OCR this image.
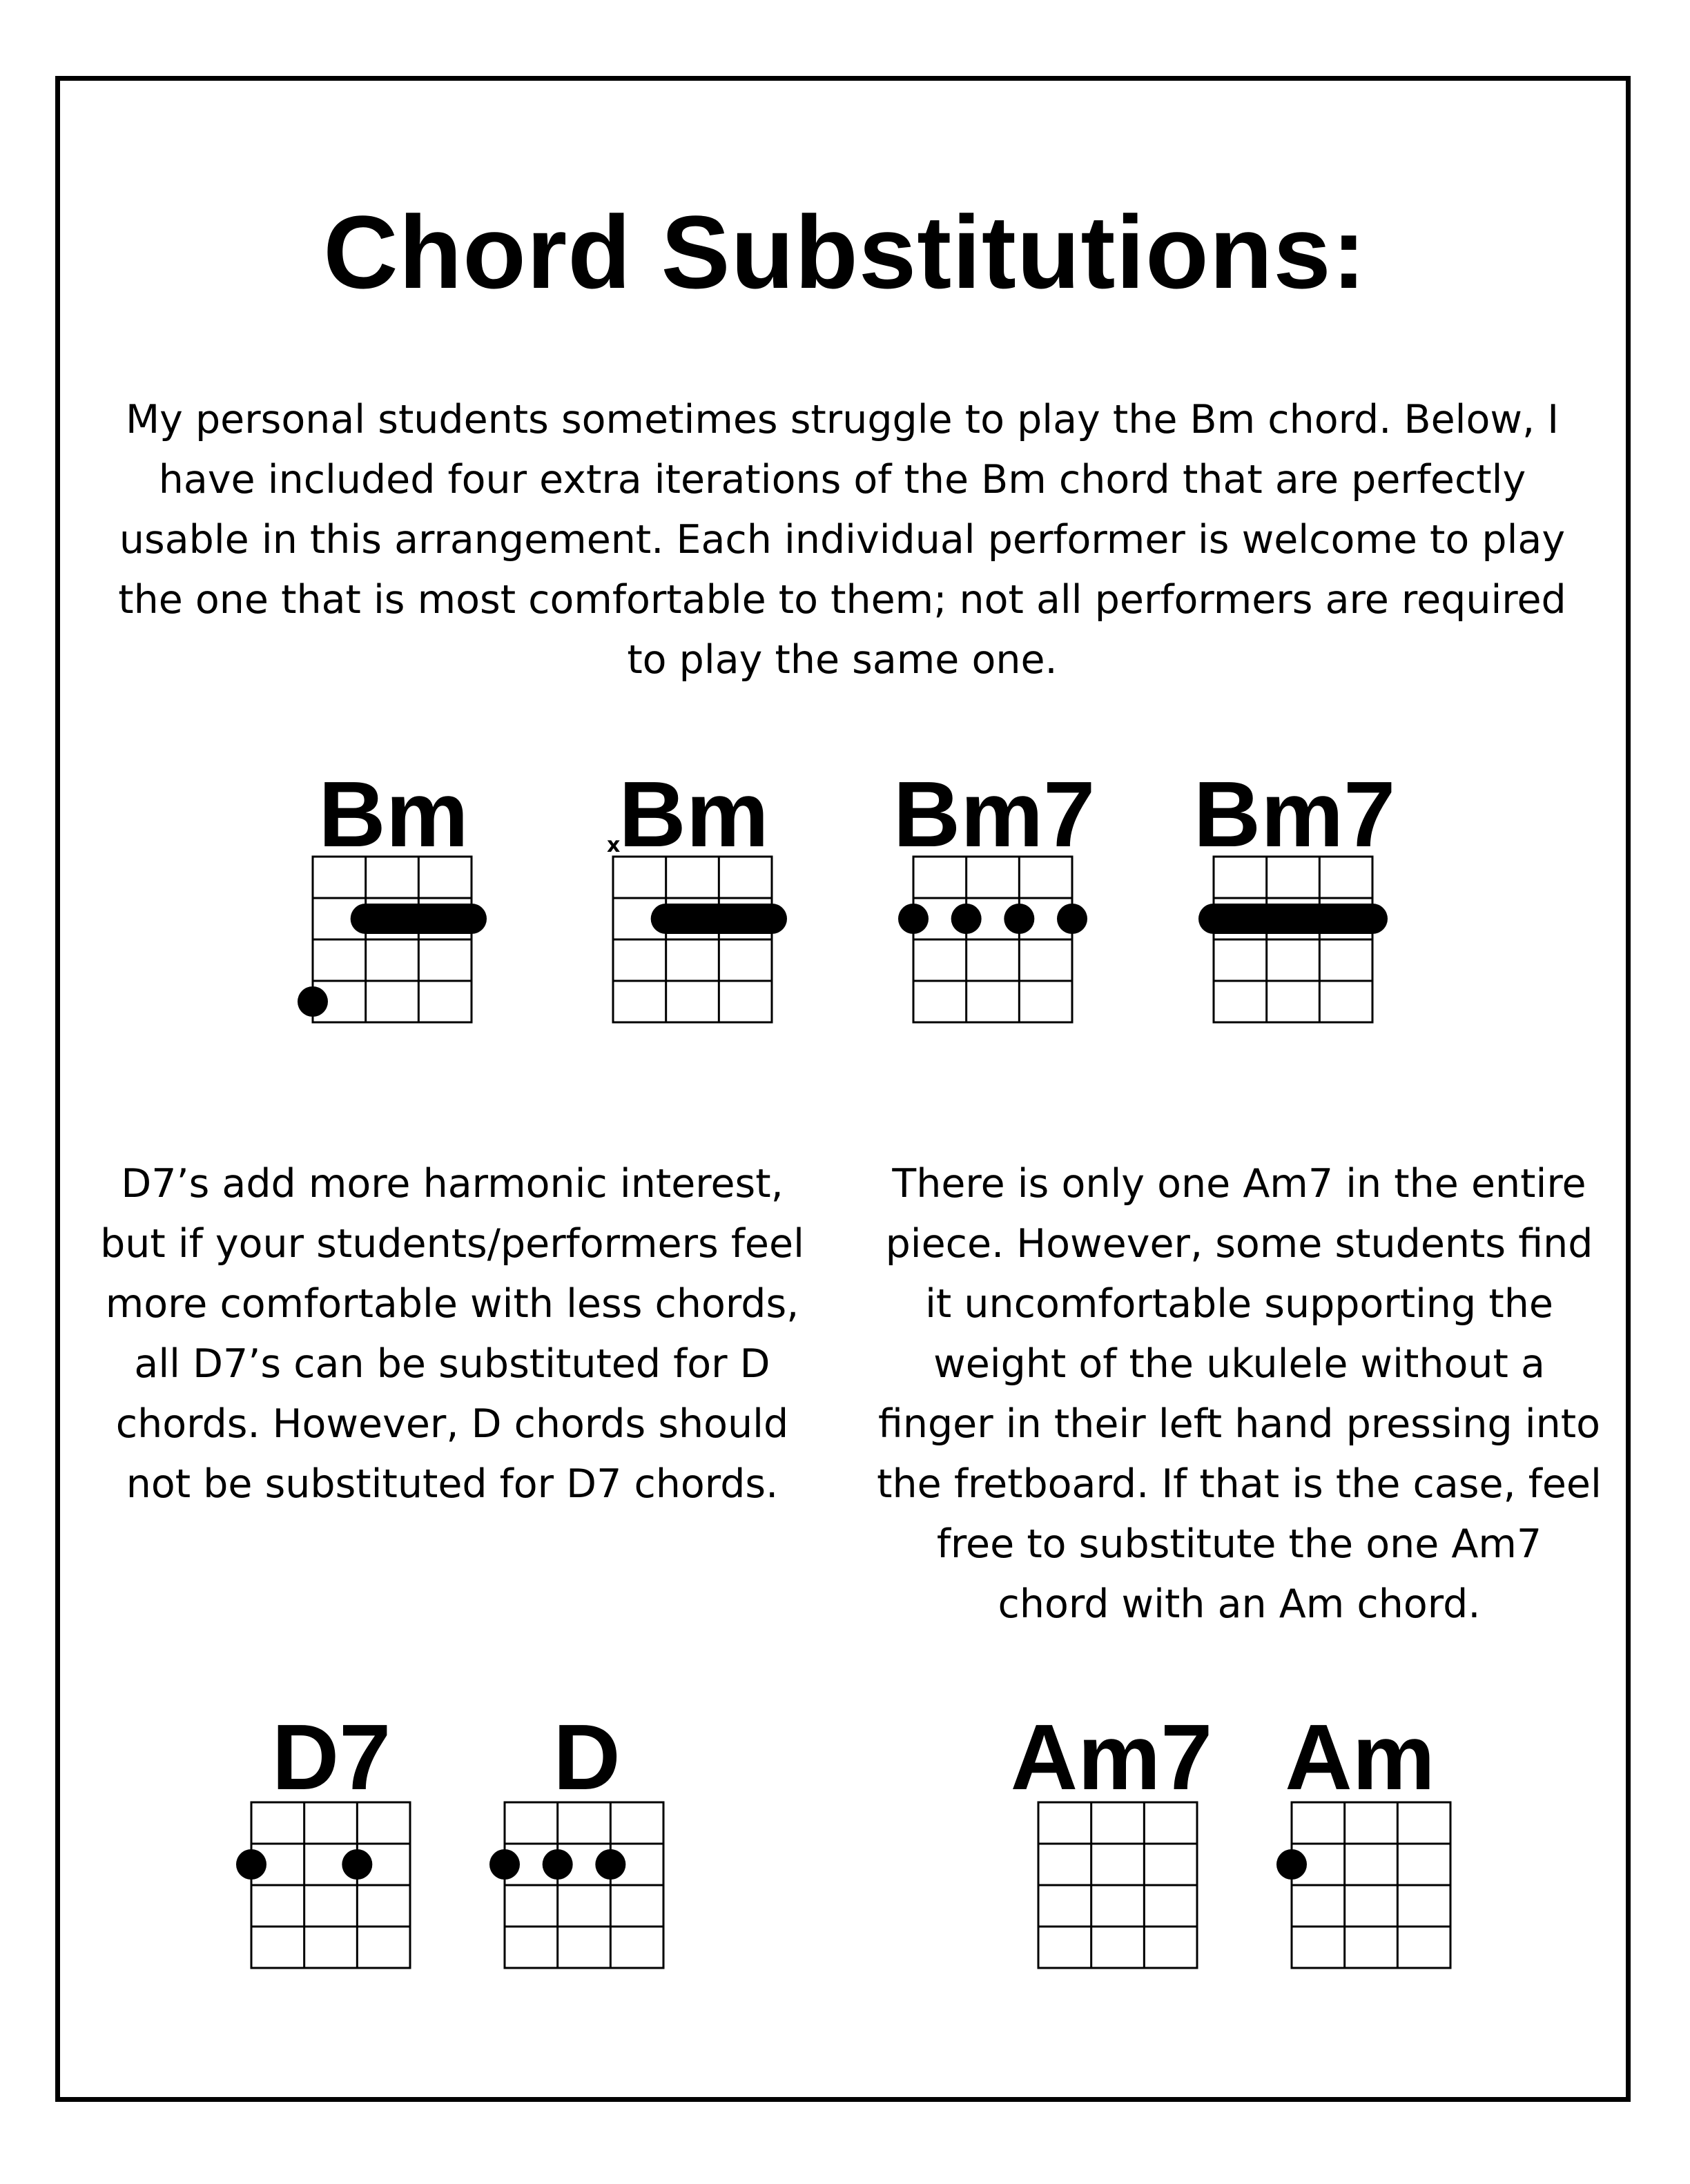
Chord Substitutions:

My personal students sometimes struggle to play the Bm chord. Below, I have included four extra iterations of the Bm chord that are perfectly usable in this arrangement. Each individual performer is welcome to play the one that is most comfortable to them; not all performers are required to play the same one.

Bm	Bm	Bm7 Bm7
x

D7’s add more harmonic interest, but if your students/performers feel more comfortable with less chords, all D7’s can be substituted for D chords. However, D chords should not be substituted for D7 chords.

There is only one Am7 in the entire piece. However, some students find it uncomfortable supporting the weight of the ukulele without a finger in their left hand pressing into the fretboard. If that is the case, feel free to substitute the one Am7 chord with an Am chord.

D7	D	Am7 Am
